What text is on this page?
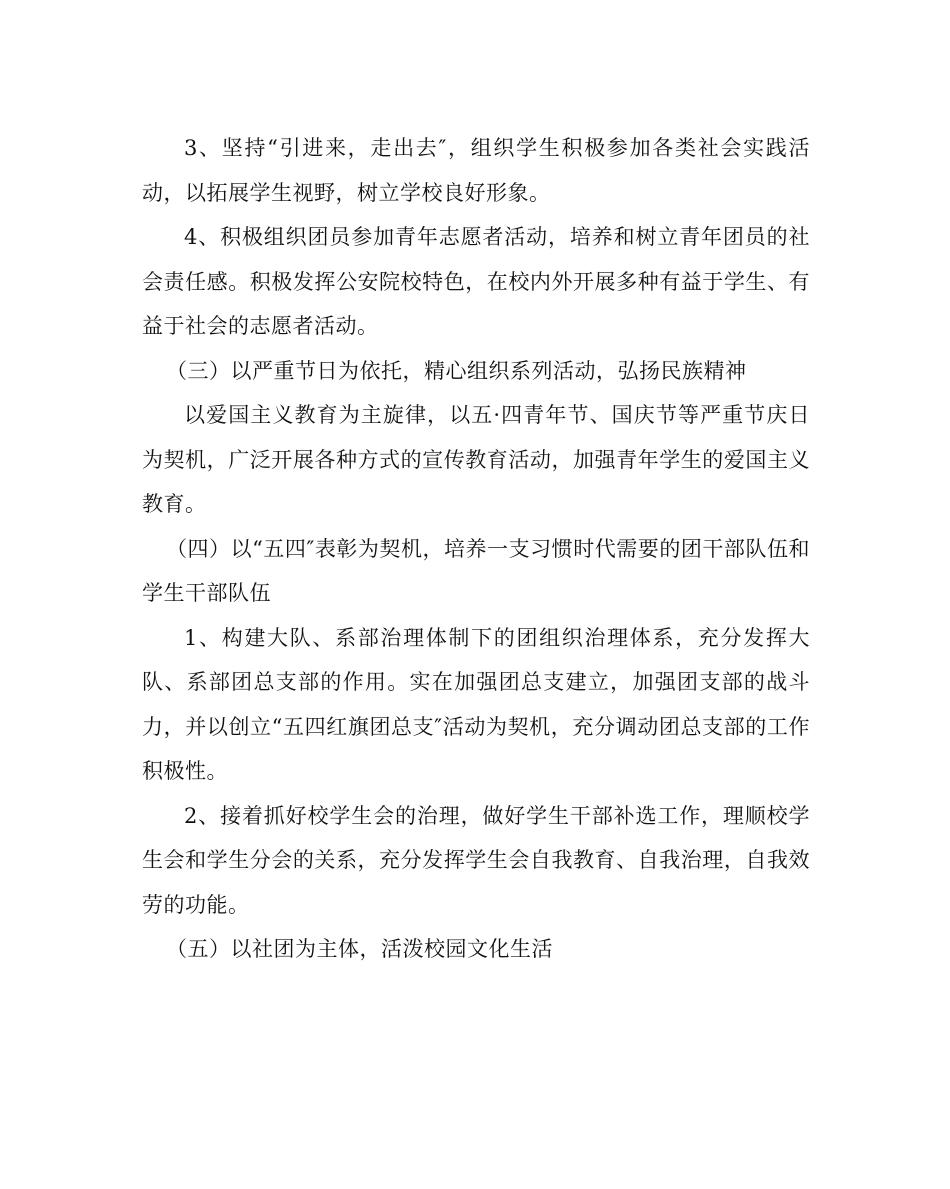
3、坚持“引进来，走出去″，组织学生积极参加各类社会实践活动，以拓展学生视野，树立学校良好形象。

4、积极组织团员参加青年志愿者活动，培养和树立青年团员的社会责任感。积极发挥公安院校特色，在校内外开展多种有益于学生、有益于社会的志愿者活动。

（三）以严重节日为依托，精心组织系列活动，弘扬民族精神

以爱国主义教育为主旋律，以五·四青年节、国庆节等严重节庆日为契机，广泛开展各种方式的宣传教育活动，加强青年学生的爱国主义教育。

（四）以“五四″表彰为契机，培养一支习惯时代需要的团干部队伍和学生干部队伍

1、构建大队、系部治理体制下的团组织治理体系，充分发挥大队、系部团总支部的作用。实在加强团总支建立，加强团支部的战斗力，并以创立“五四红旗团总支″活动为契机，充分调动团总支部的工作积极性。

2、接着抓好校学生会的治理，做好学生干部补选工作，理顺校学生会和学生分会的关系，充分发挥学生会自我教育、自我治理，自我效劳的功能。

（五）以社团为主体，活泼校园文化生活
